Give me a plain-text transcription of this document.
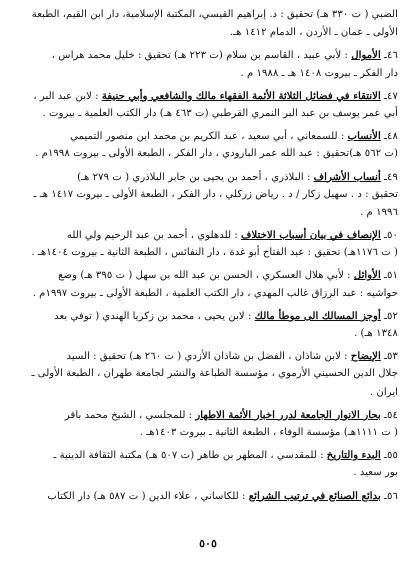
الضبي ( ت ٣٣٠ هـ) تحقيق : د. إبراهيم القيسي، المكتبة الإسلامية، دار ابن القيم، الطبعة
الأولى ـ عمان ـ الأردن ، الدمام ١٤١٢ هـ.
٤٦ـ الأموال : لأبي عبيد ، القاسم بن سلام (ت ٢٢٣ هـ) تحقيق : خليل محمد هراس ،
دار الفكر ـ بيروت ١٤٠٨ هـ ـ ١٩٨٨ م .
٤٧ـ الانتقاء في فضائل الثلاثة الأئمة الفقهاء مالك والشافعي وأبي حنيفة : لابن عبد البر ،
أبي عمر يوسف بن عبد البر النمري القرطبي (ت ٤٦٣ هـ) دار الكتب العلمية ـ بيروت .
٤٨ـ الأنساب : للسمعاني ، أبي سعيد ، عبد الكريم بن محمد ابن منصور التميمي
(ت ٥٦٢ هـ)تحقيق : عبد الله عمر البارودي ، دار الفكر ، الطبعة الأولى ـ بيروت ١٩٩٨م .
٤٩ـ أنساب الأشراف : البلاذري ، أحمد بن يحيى بن جابر البلاذري ( ت ٢٧٩ هـ)
تحقيق : د . سهيل زكار / د . رياض زركلي ، دار الفكر ، الطبعة الأولى ـ بيروت ١٤١٧ هـ ـ
١٩٩٦ م .
٥٠ـ الإنصاف في بيان أسباب الاختلاف : للدهلوي ، أحمد بن عبد الرحيم ولي الله
( ت ١١٧٦هـ) تحقيق : عبد الفتاح أبو غدة ، دار النفائس ، الطبعة الثانية ـ بيروت ١٤٠٤هـ .
٥١ـ الأوائل : لأبي هلال العسكري ، الحسن بن عبد الله بن سهل ( ت ٣٩٥ هـ) وضع
حواشيه : عبد الرزاق غالب المهدي ، دار الكتب العلمية ، الطبعة الأولى ـ بيروت ١٩٩٧م .
٥٢ـ أوجز المسالك الى موطأ مالك : لابن يحيى ، محمد بن زكريا الهندي ( توفي بعد
١٣٤٨ هـ) .
٥٣ـ الإيضاح : لابن شاذان ، الفضل بن شاذان الأزدي ( ت ٢٦٠ هـ) تحقيق : السيد
جلال الدين الحسيني الأرموي ، مؤسسة الطباعة والنشر لجامعة طهران ، الطبعة الأولى ـ
ايران .
٥٤ـ بحار الانوار الجامعة لدرر اخبار الأئمة الاطهار : للمجلسي ، الشيخ محمد باقر
( ت ١١١١هـ) مؤسسة الوفاء ، الطبعة الثانية ـ بيروت ١٤٠٣هـ .
٥٥ـ البدء والتاريخ : للمقدسي ، المطهر بن طاهر (ت ٥٠٧ هـ) مكتبة الثقافة الدينية ـ
بور سعيد .
٥٦ـ بدائع الصنائع في ترتيب الشرائع : للكاساني ، علاء الدين ( ت ٥٨٧ هـ) دار الكتاب
٥٠٥
